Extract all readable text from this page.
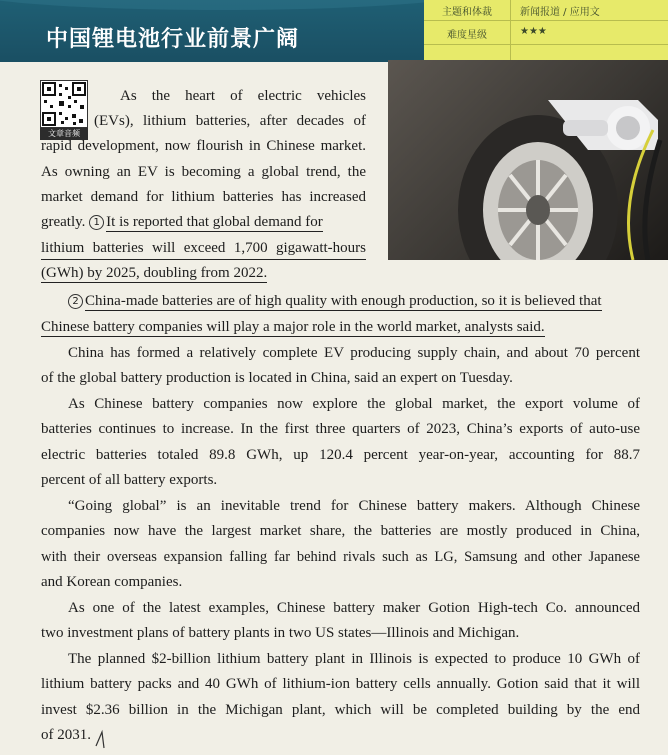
中国锂电池行业前景广阔
主题和体裁	新闻报道 / 应用文
难度星级	★★★
文章音频
As the heart of electric vehicles
(EVs), lithium batteries, after decades of
rapid development, now flourish in Chinese market.
As owning an EV is becoming a global trend, the
market demand for lithium batteries has increased
greatly. 1 It is reported that global demand for
lithium batteries will exceed 1,700 gigawatt-hours
(GWh) by 2025, doubling from 2022.
2 China-made batteries are of high quality with enough production, so it is believed that
Chinese battery companies will play a major role in the world market, analysts said.
China has formed a relatively complete EV producing supply chain, and about 70 percent
of the global battery production is located in China, said an expert on Tuesday.
As Chinese battery companies now explore the global market, the export volume of
batteries continues to increase. In the first three quarters of 2023, China’s exports of auto-use
electric batteries totaled 89.8 GWh, up 120.4 percent year-on-year, accounting for 88.7
percent of all battery exports.
“Going global” is an inevitable trend for Chinese battery makers. Although Chinese
companies now have the largest market share, the batteries are mostly produced in China,
with their overseas expansion falling far behind rivals such as LG, Samsung and other Japanese
and Korean companies.
As one of the latest examples, Chinese battery maker Gotion High-tech Co. announced
two investment plans of battery plants in two US states—Illinois and Michigan.
The planned $2-billion lithium battery plant in Illinois is expected to produce 10 GWh of
lithium battery packs and 40 GWh of lithium-ion battery cells annually. Gotion said that it will
invest $2.36 billion in the Michigan plant, which will be completed building by the end
of 2031.
